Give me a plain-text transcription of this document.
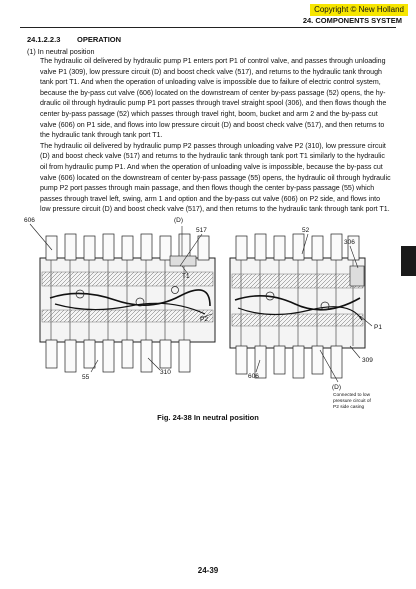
Copyright © New Holland
24. COMPONENTS SYSTEM
24.1.2.2.3 OPERATION
(1) In neutral position

The hydraulic oil delivered by hydraulic pump P1 enters port P1 of control valve, and passes through unloading valve P1 (309), low pressure circuit (D) and boost check valve (517), and returns to the hydraulic tank through tank port T1. And when the operation of unloading valve is impossible due to failure of electric control system, because the by-pass cut valve (606) located on the downstream of center by-pass passage (52) opens, the hy-draulic oil through hydraulic pump P1 port passes through travel straight spool (306), and then flows though the center by-pass passage (52) which passes through travel right, boom, bucket and arm 2 and the by-pass cut valve (606) on P1 side, and flows into low pressure circuit (D) and boost check valve (517), and then returns to the hydraulic tank through tank port T1.

The hydraulic oil delivered by hydraulic pump P2 passes through unloading valve P2 (310), low pressure circuit (D) and boost check valve (517) and returns to the hydraulic tank through tank port T1 similarly to the hydraulic oil from hydraulic pump P1. And when the operation of unloading valve is impossible, because the by-pass cut valve (606) located on the downstream of center by-pass passage (55) opens, the hydraulic oil through hydraulic pump P2 port passes through main passage, and then flows though the center by-pass passage (55) which passes through travel left, swing, arm 1 and option and the by-pass cut valve (606) on P2 side, and flows into low pressure circuit (D) and boost check valve (517), and then returns to the hydraulic tank through tank port T1.

606	(D)
517	52
306
T1
P2
P1
309
55
310
606
(D)
Connected to low
pressure circuit of
P2 side casing
Fig. 24-38 In neutral position
24-39
